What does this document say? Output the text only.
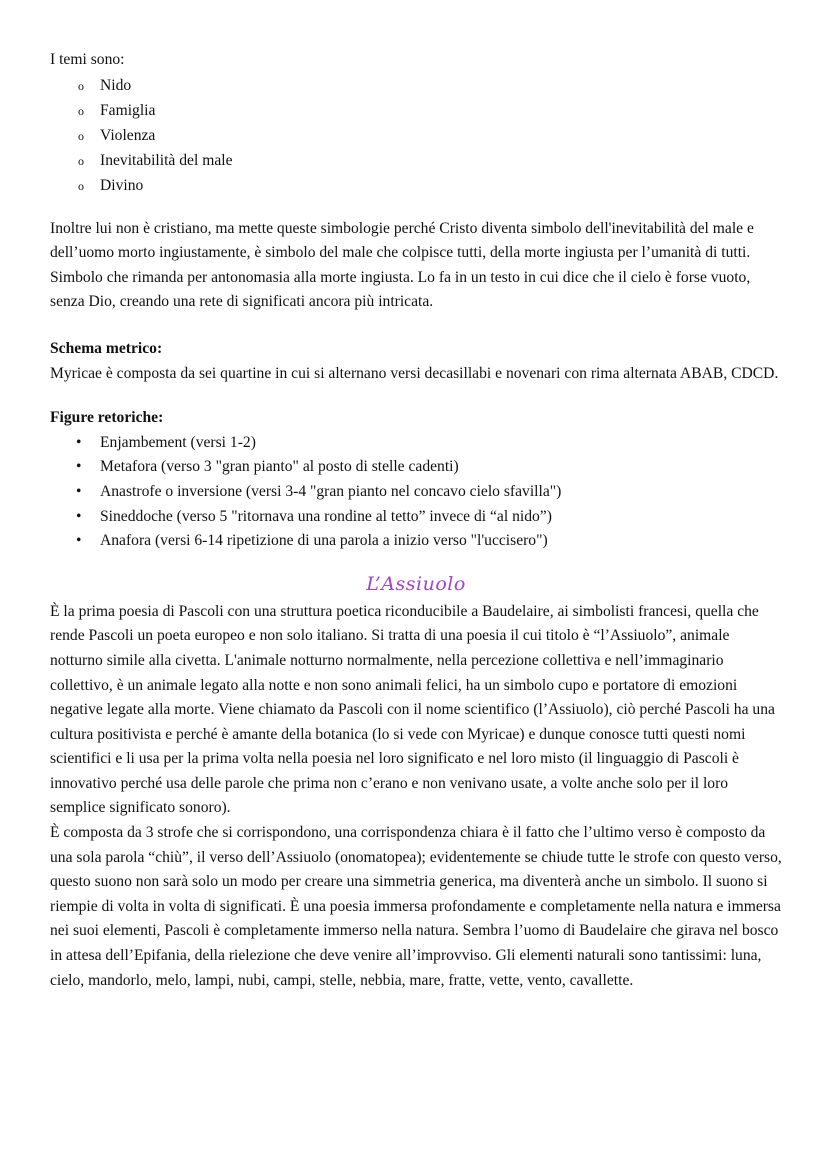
I temi sono:

o Nido
o Famiglia
o Violenza
o Inevitabilità del male
o Divino

Inoltre lui non è cristiano, ma mette queste simbologie perché Cristo diventa simbolo dell'inevitabilità del male e dell’uomo morto ingiustamente, è simbolo del male che colpisce tutti, della morte ingiusta per l’umanità di tutti. Simbolo che rimanda per antonomasia alla morte ingiusta. Lo fa in un testo in cui dice che il cielo è forse vuoto, senza Dio, creando una rete di significati ancora più intricata.

Schema metrico:

Myricae è composta da sei quartine in cui si alternano versi decasillabi e novenari con rima alternata ABAB, CDCD.

Figure retoriche:

• Enjambement (versi 1-2)
• Metafora (verso 3 "gran pianto" al posto di stelle cadenti)
• Anastrofe o inversione (versi 3-4 "gran pianto nel concavo cielo sfavilla")
• Sineddoche (verso 5 "ritornava una rondine al tetto” invece di “al nido”)
• Anafora (versi 6-14 ripetizione di una parola a inizio verso "l'uccisero")
L’Assiuolo

È la prima poesia di Pascoli con una struttura poetica riconducibile a Baudelaire, ai simbolisti francesi, quella che rende Pascoli un poeta europeo e non solo italiano. Si tratta di una poesia il cui titolo è “l’Assiuolo”, animale notturno simile alla civetta. L'animale notturno normalmente, nella percezione collettiva e nell’immaginario collettivo, è un animale legato alla notte e non sono animali felici, ha un simbolo cupo e portatore di emozioni negative legate alla morte. Viene chiamato da Pascoli con il nome scientifico (l’Assiuolo), ciò perché Pascoli ha una cultura positivista e perché è amante della botanica (lo si vede con Myricae) e dunque conosce tutti questi nomi scientifici e li usa per la prima volta nella poesia nel loro significato e nel loro misto (il linguaggio di Pascoli è innovativo perché usa delle parole che prima non c’erano e non venivano usate, a volte anche solo per il loro semplice significato sonoro).

È composta da 3 strofe che si corrispondono, una corrispondenza chiara è il fatto che l’ultimo verso è composto da una sola parola “chiù”, il verso dell’Assiuolo (onomatopea); evidentemente se chiude tutte le strofe con questo verso, questo suono non sarà solo un modo per creare una simmetria generica, ma diventerà anche un simbolo. Il suono si riempie di volta in volta di significati. È una poesia immersa profondamente e completamente nella natura e immersa nei suoi elementi, Pascoli è completamente immerso nella natura. Sembra l’uomo di Baudelaire che girava nel bosco in attesa dell’Epifania, della rielezione che deve venire all’improvviso. Gli elementi naturali sono tantissimi: luna, cielo, mandorlo, melo, lampi, nubi, campi, stelle, nebbia, mare, fratte, vette, vento, cavallette.
